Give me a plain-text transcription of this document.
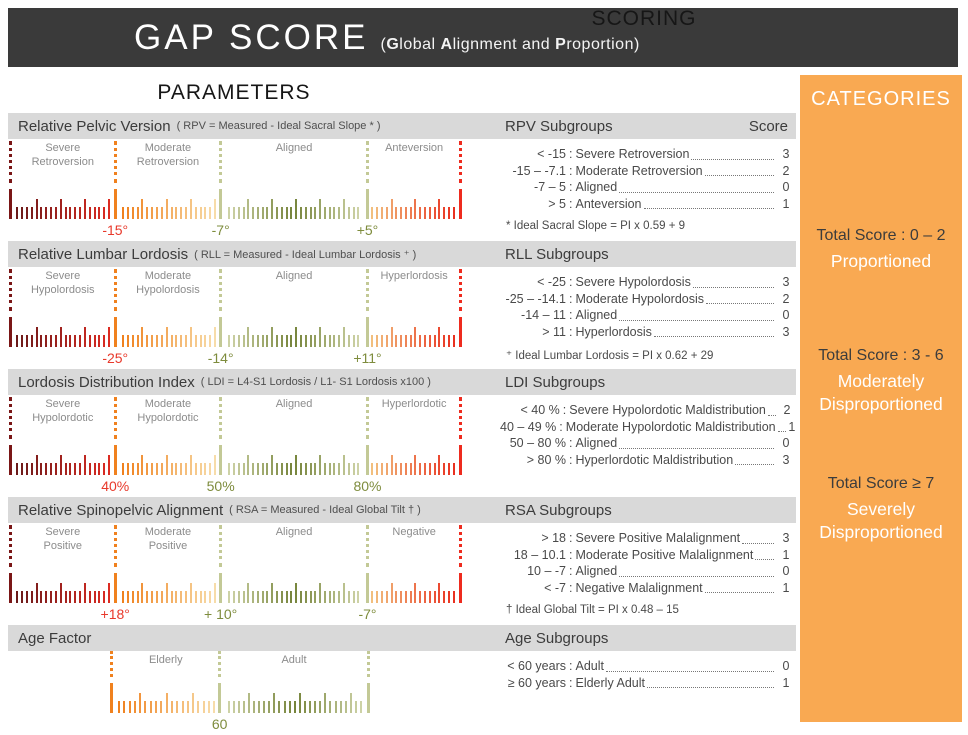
GAP SCORE (Global Alignment and Proportion)
PARAMETERS
SCORING
CATEGORIES
Total Score : 0 – 2
Proportioned
Total Score : 3 - 6
Moderately Disproportioned
Total Score ≥ 7
Severely Disproportioned
Relative Pelvic Version ( RPV = Measured - Ideal Sacral Slope * )	RPV Subgroups	Score
Severe
Retroversion
Moderate
Retroversion
Aligned	Anteversion
-15°	-7°	+5°
< -15 : Severe Retroversion	3
-15 – -7.1 : Moderate Retroversion	2
-7 – 5 : Aligned	0
> 5 : Anteversion	1
* Ideal Sacral Slope = PI x 0.59 + 9
Relative Lumbar Lordosis ( RLL = Measured - Ideal Lumbar Lordosis ⁺ )	RLL Subgroups
Severe
Hypolordosis
Moderate
Hypolordosis
Aligned	Hyperlordosis
-25°	-14°	+11°
< -25 : Severe Hypolordosis	3
-25 – -14.1 : Moderate Hypolordosis	2
-14 – 11 : Aligned	0
> 11 : Hyperlordosis	3
⁺ Ideal Lumbar Lordosis = PI x 0.62 + 29
Lordosis Distribution Index ( LDI = L4-S1 Lordosis / L1- S1 Lordosis x100 )	LDI Subgroups
Severe
Hypolordotic
Moderate
Hypolordotic
Aligned	Hyperlordotic
40%	50%	80%
< 40 % : Severe Hypolordotic Maldistribution	2
40 – 49 % : Moderate Hypolordotic Maldistribution 1
50 – 80 % : Aligned	0
> 80 % : Hyperlordotic Maldistribution	3
Relative Spinopelvic Alignment ( RSA = Measured - Ideal Global Tilt † )	RSA Subgroups
Severe
Positive
Moderate
Positive
Aligned	Negative
+18°	+ 10°	-7°
> 18 : Severe Positive Malalignment	3
18 – 10.1 : Moderate Positive Malalignment	1
10 – -7 : Aligned	0
< -7 : Negative Malalignment	1
† Ideal Global Tilt = PI x 0.48 – 15
Age Factor	Age Subgroups
Elderly	Adult
60
< 60 years : Adult	0
≥ 60 years : Elderly Adult	1
